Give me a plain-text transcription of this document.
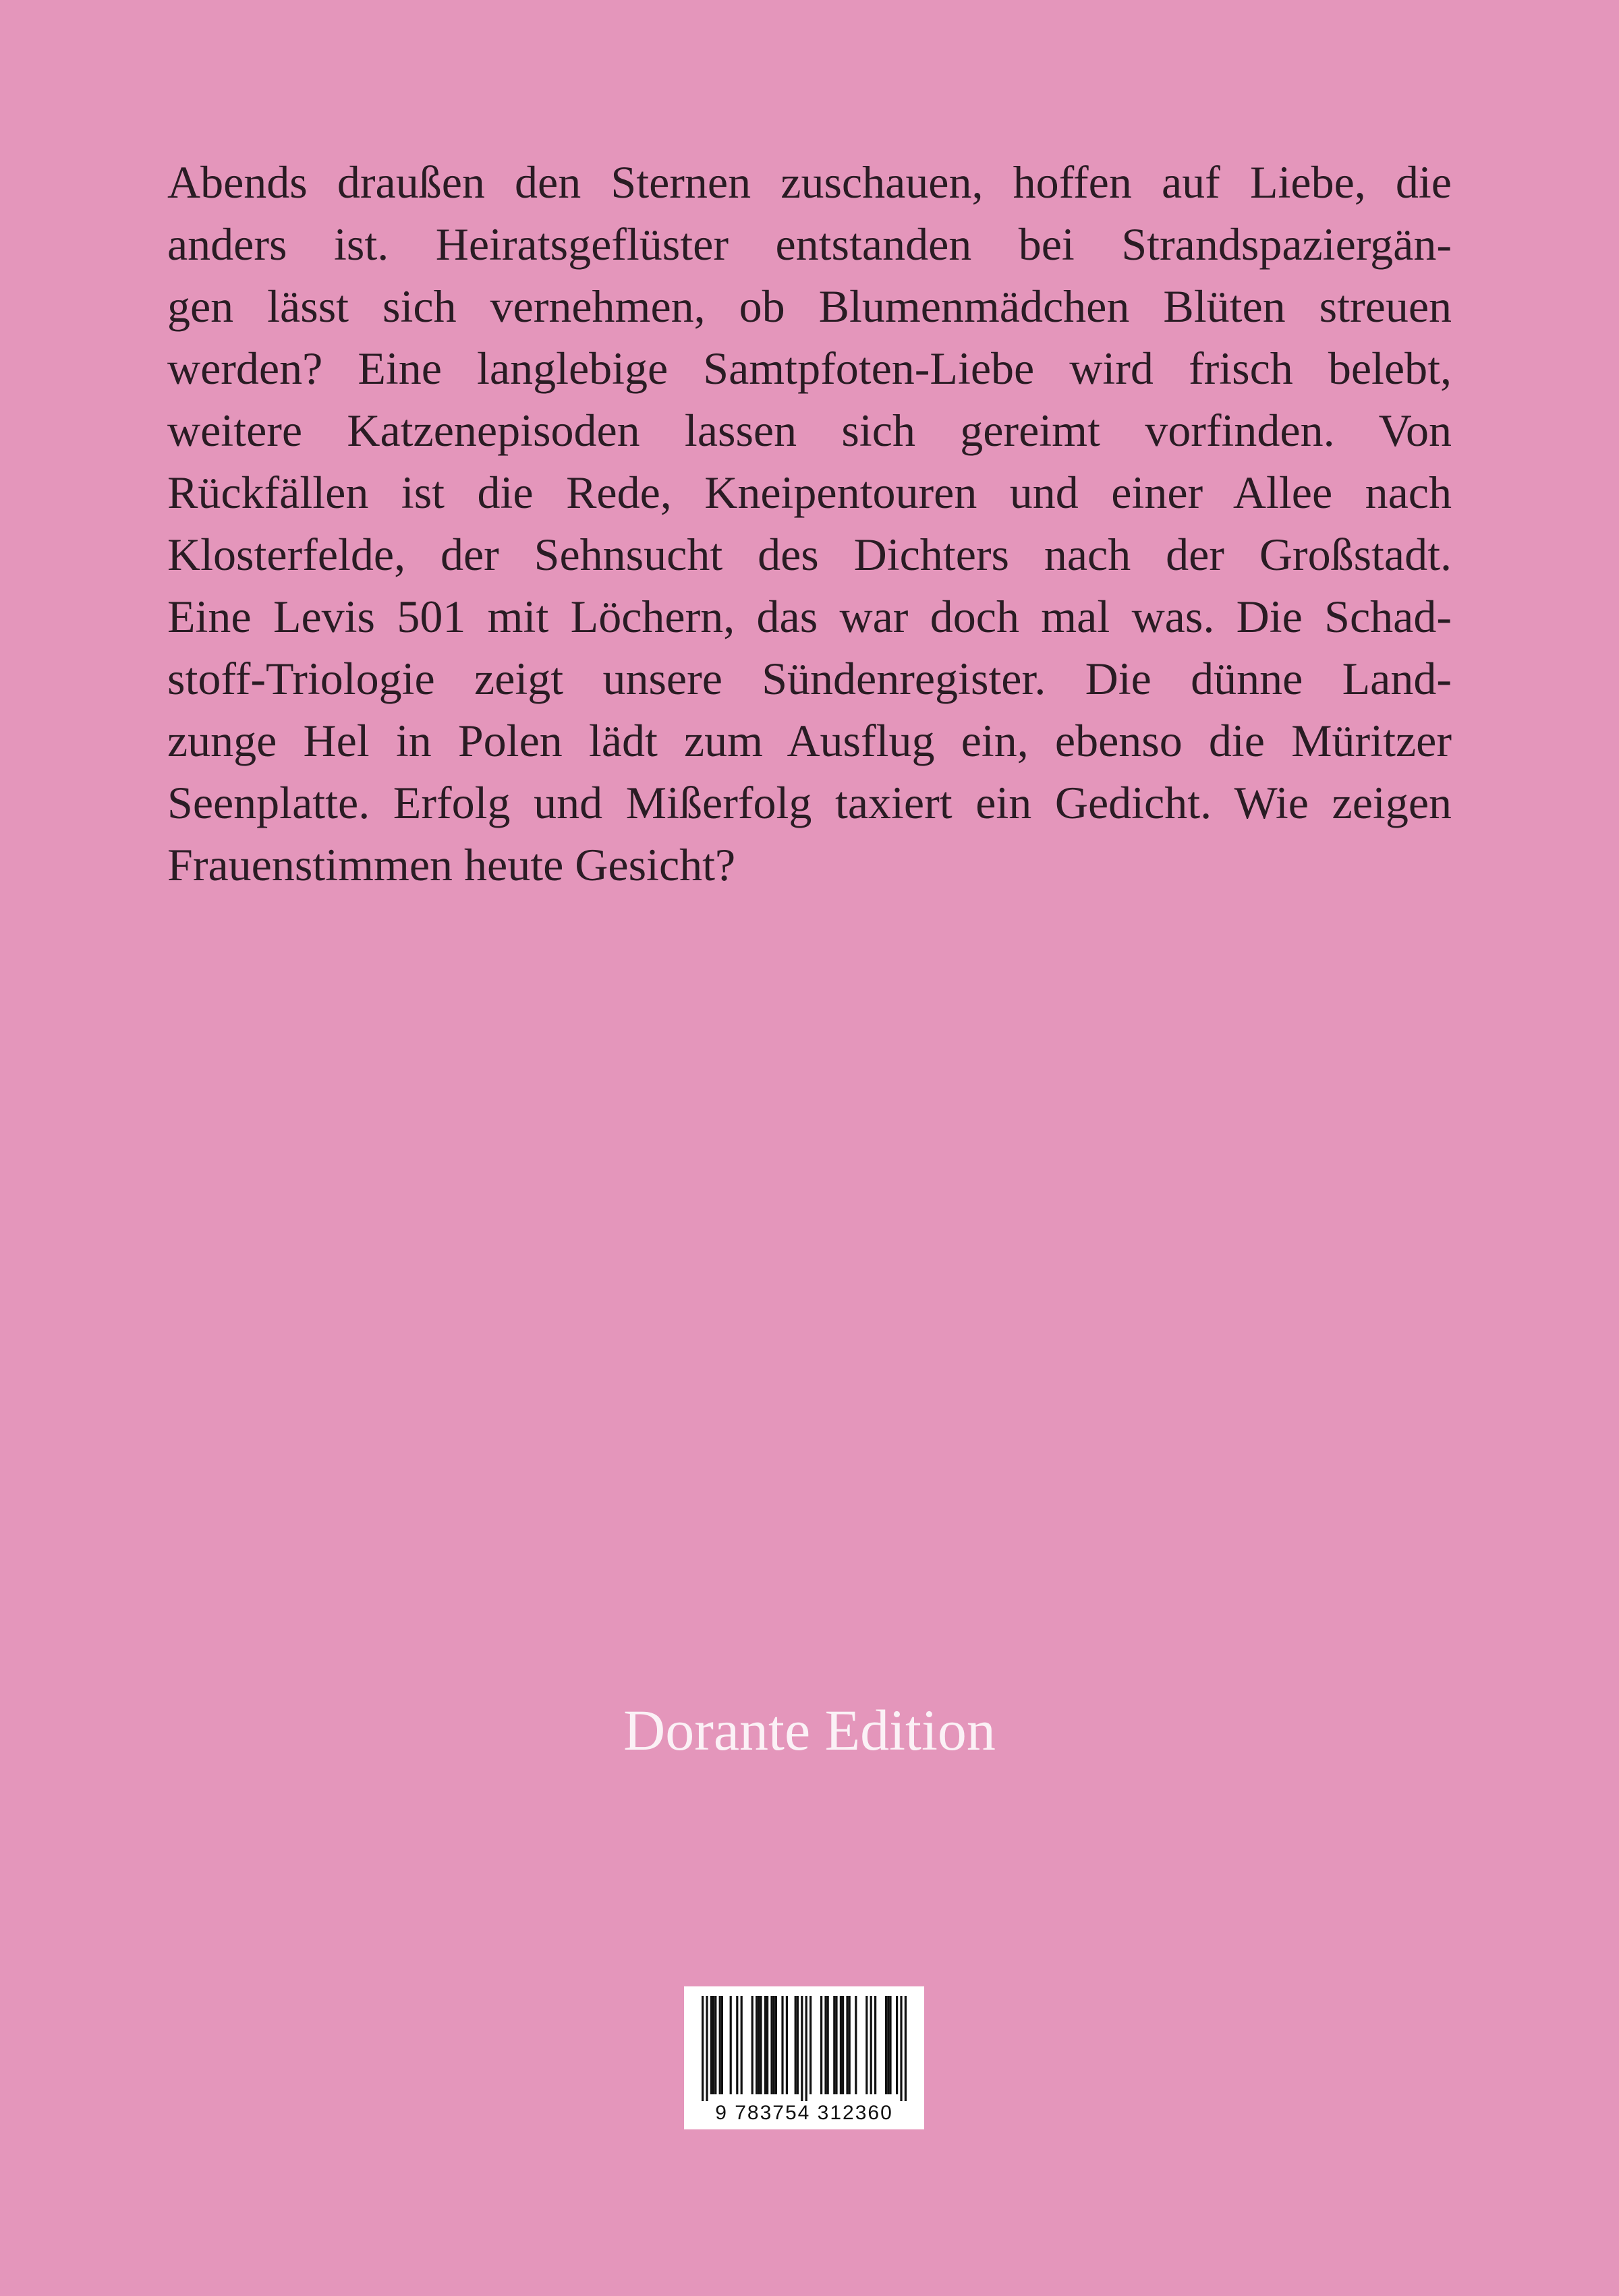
Abends draußen den Sternen zuschauen, hoffen auf Liebe, die
anders ist. Heiratsgeflüster entstanden bei Strandspaziergän-
gen lässt sich vernehmen, ob Blumenmädchen Blüten streuen
werden? Eine langlebige Samtpfoten-Liebe wird frisch belebt,
weitere Katzenepisoden lassen sich gereimt vorfinden. Von
Rückfällen ist die Rede, Kneipentouren und einer Allee nach
Klosterfelde, der Sehnsucht des Dichters nach der Großstadt.
Eine Levis 501 mit Löchern, das war doch mal was. Die Schad-
stoff-Triologie zeigt unsere Sündenregister. Die dünne Land-
zunge Hel in Polen lädt zum Ausflug ein, ebenso die Müritzer
Seenplatte. Erfolg und Mißerfolg taxiert ein Gedicht. Wie zeigen
Frauenstimmen heute Gesicht?
Dorante Edition
9 783754 312360
